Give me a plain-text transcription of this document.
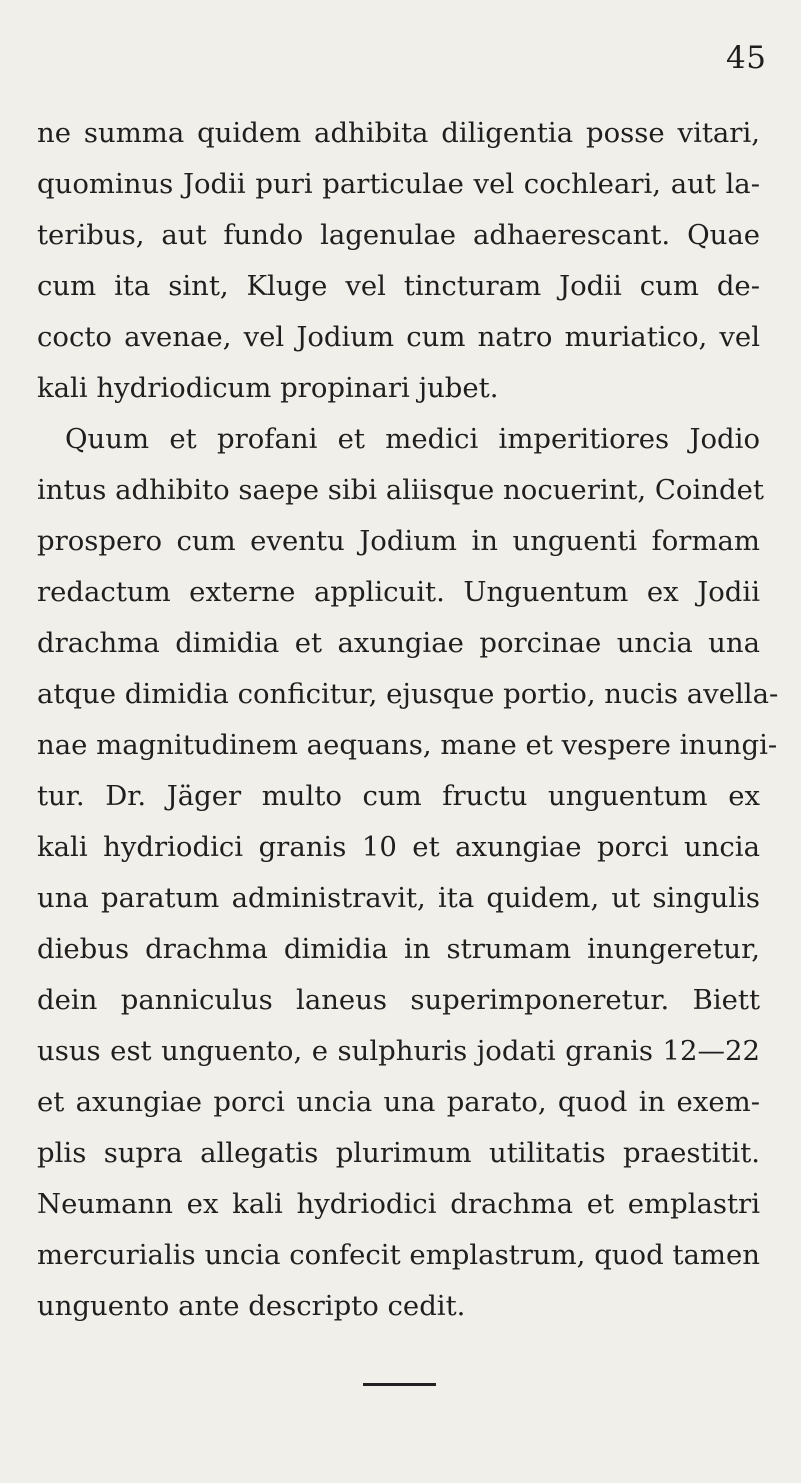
45
ne summa quidem adhibita diligentia posse vitari,
quominus Jodii puri particulae vel cochleari, aut la-
teribus, aut fundo lagenulae adhaerescant. Quae
cum ita sint, Kluge vel tincturam Jodii cum de-
cocto avenae, vel Jodium cum natro muriatico, vel
kali hydriodicum propinari jubet.
Quum et profani et medici imperitiores Jodio
intus adhibito saepe sibi aliisque nocuerint, Coindet
prospero cum eventu Jodium in unguenti formam
redactum externe applicuit. Unguentum ex Jodii
drachma dimidia et axungiae porcinae uncia una
atque dimidia conficitur, ejusque portio, nucis avella-
nae magnitudinem aequans, mane et vespere inungi-
tur. Dr. Jäger multo cum fructu unguentum ex
kali hydriodici granis 10 et axungiae porci uncia
una paratum administravit, ita quidem, ut singulis
diebus drachma dimidia in strumam inungeretur,
dein panniculus laneus superimponeretur. Biett
usus est unguento, e sulphuris jodati granis 12—22
et axungiae porci uncia una parato, quod in exem-
plis supra allegatis plurimum utilitatis praestitit.
Neumann ex kali hydriodici drachma et emplastri
mercurialis uncia confecit emplastrum, quod tamen
unguento ante descripto cedit.
